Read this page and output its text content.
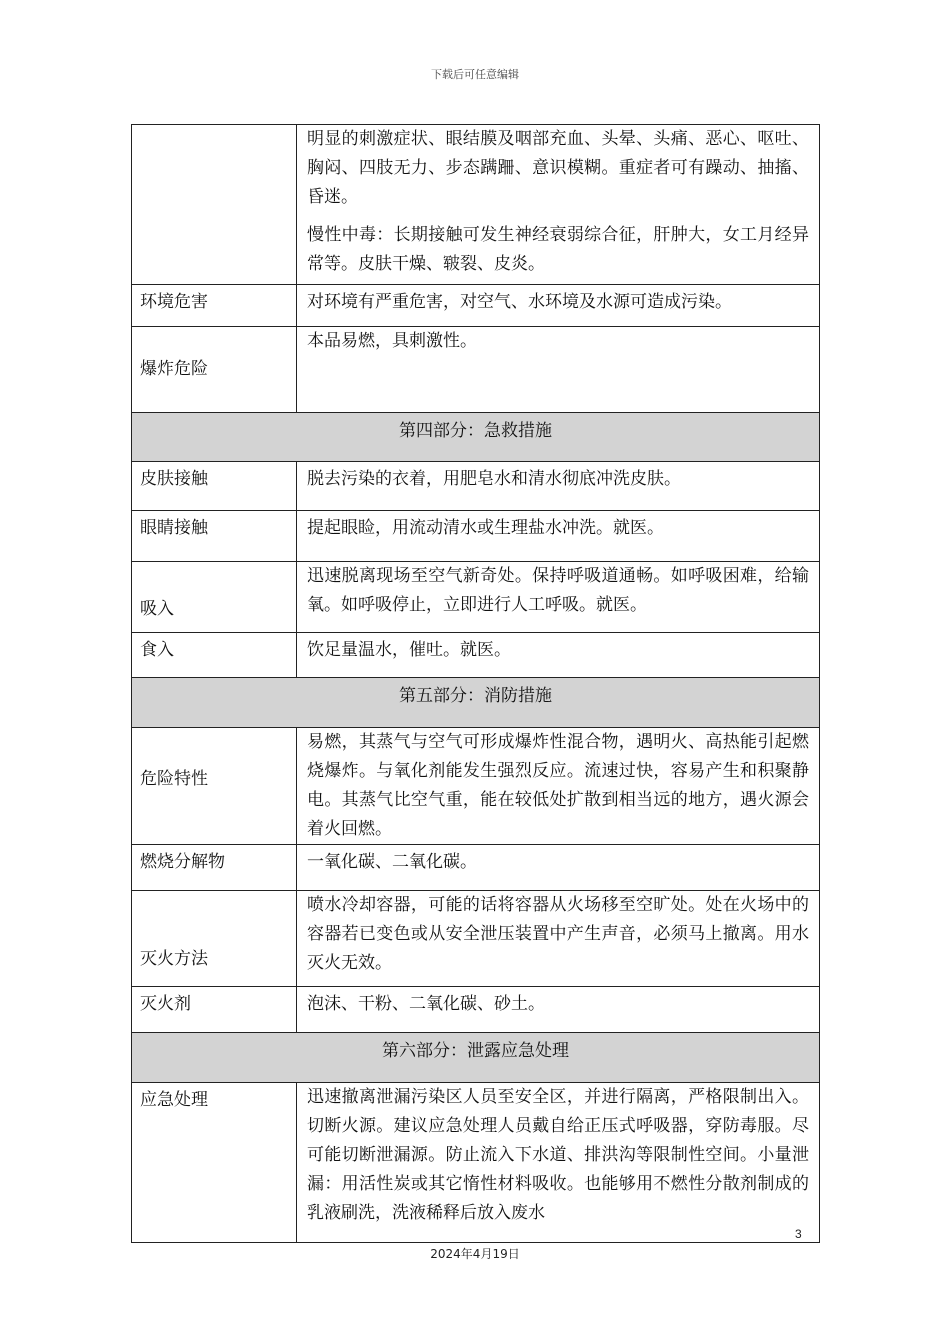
下载后可任意编辑

	明显的刺激症状、眼结膜及咽部充血、头晕、头痛、恶心、呕吐、胸闷、四肢无力、步态蹒跚、意识模糊。重症者可有躁动、抽搐、昏迷。

慢性中毒：长期接触可发生神经衰弱综合征，肝肿大，女工月经异常等。皮肤干燥、皲裂、皮炎。

环境危害	对环境有严重危害，对空气、水环境及水源可造成污染。

爆炸危险	本品易燃，具刺激性。

第四部分：急救措施	

皮肤接触	脱去污染的衣着，用肥皂水和清水彻底冲洗皮肤。

眼睛接触	提起眼睑，用流动清水或生理盐水冲洗。就医。

吸入	迅速脱离现场至空气新奇处。保持呼吸道通畅。如呼吸困难，给输氧。如呼吸停止，立即进行人工呼吸。就医。

食入	饮足量温水，催吐。就医。

第五部分：消防措施	

危险特性	易燃，其蒸气与空气可形成爆炸性混合物，遇明火、高热能引起燃烧爆炸。与氧化剂能发生强烈反应。流速过快，容易产生和积聚静电。其蒸气比空气重，能在较低处扩散到相当远的地方，遇火源会着火回燃。

燃烧分解物	一氧化碳、二氧化碳。

灭火方法	喷水冷却容器，可能的话将容器从火场移至空旷处。处在火场中的容器若已变色或从安全泄压装置中产生声音，必须马上撤离。用水灭火无效。

灭火剂	泡沫、干粉、二氧化碳、砂土。

第六部分：泄露应急处理	

应急处理	迅速撤离泄漏污染区人员至安全区，并进行隔离，严格限制出入。切断火源。建议应急处理人员戴自给正压式呼吸器，穿防毒服。尽可能切断泄漏源。防止流入下水道、排洪沟等限制性空间。小量泄漏：用活性炭或其它惰性材料吸收。也能够用不燃性分散剂制成的乳液刷洗，洗液稀释后放入废水
3
2024年4月19日
